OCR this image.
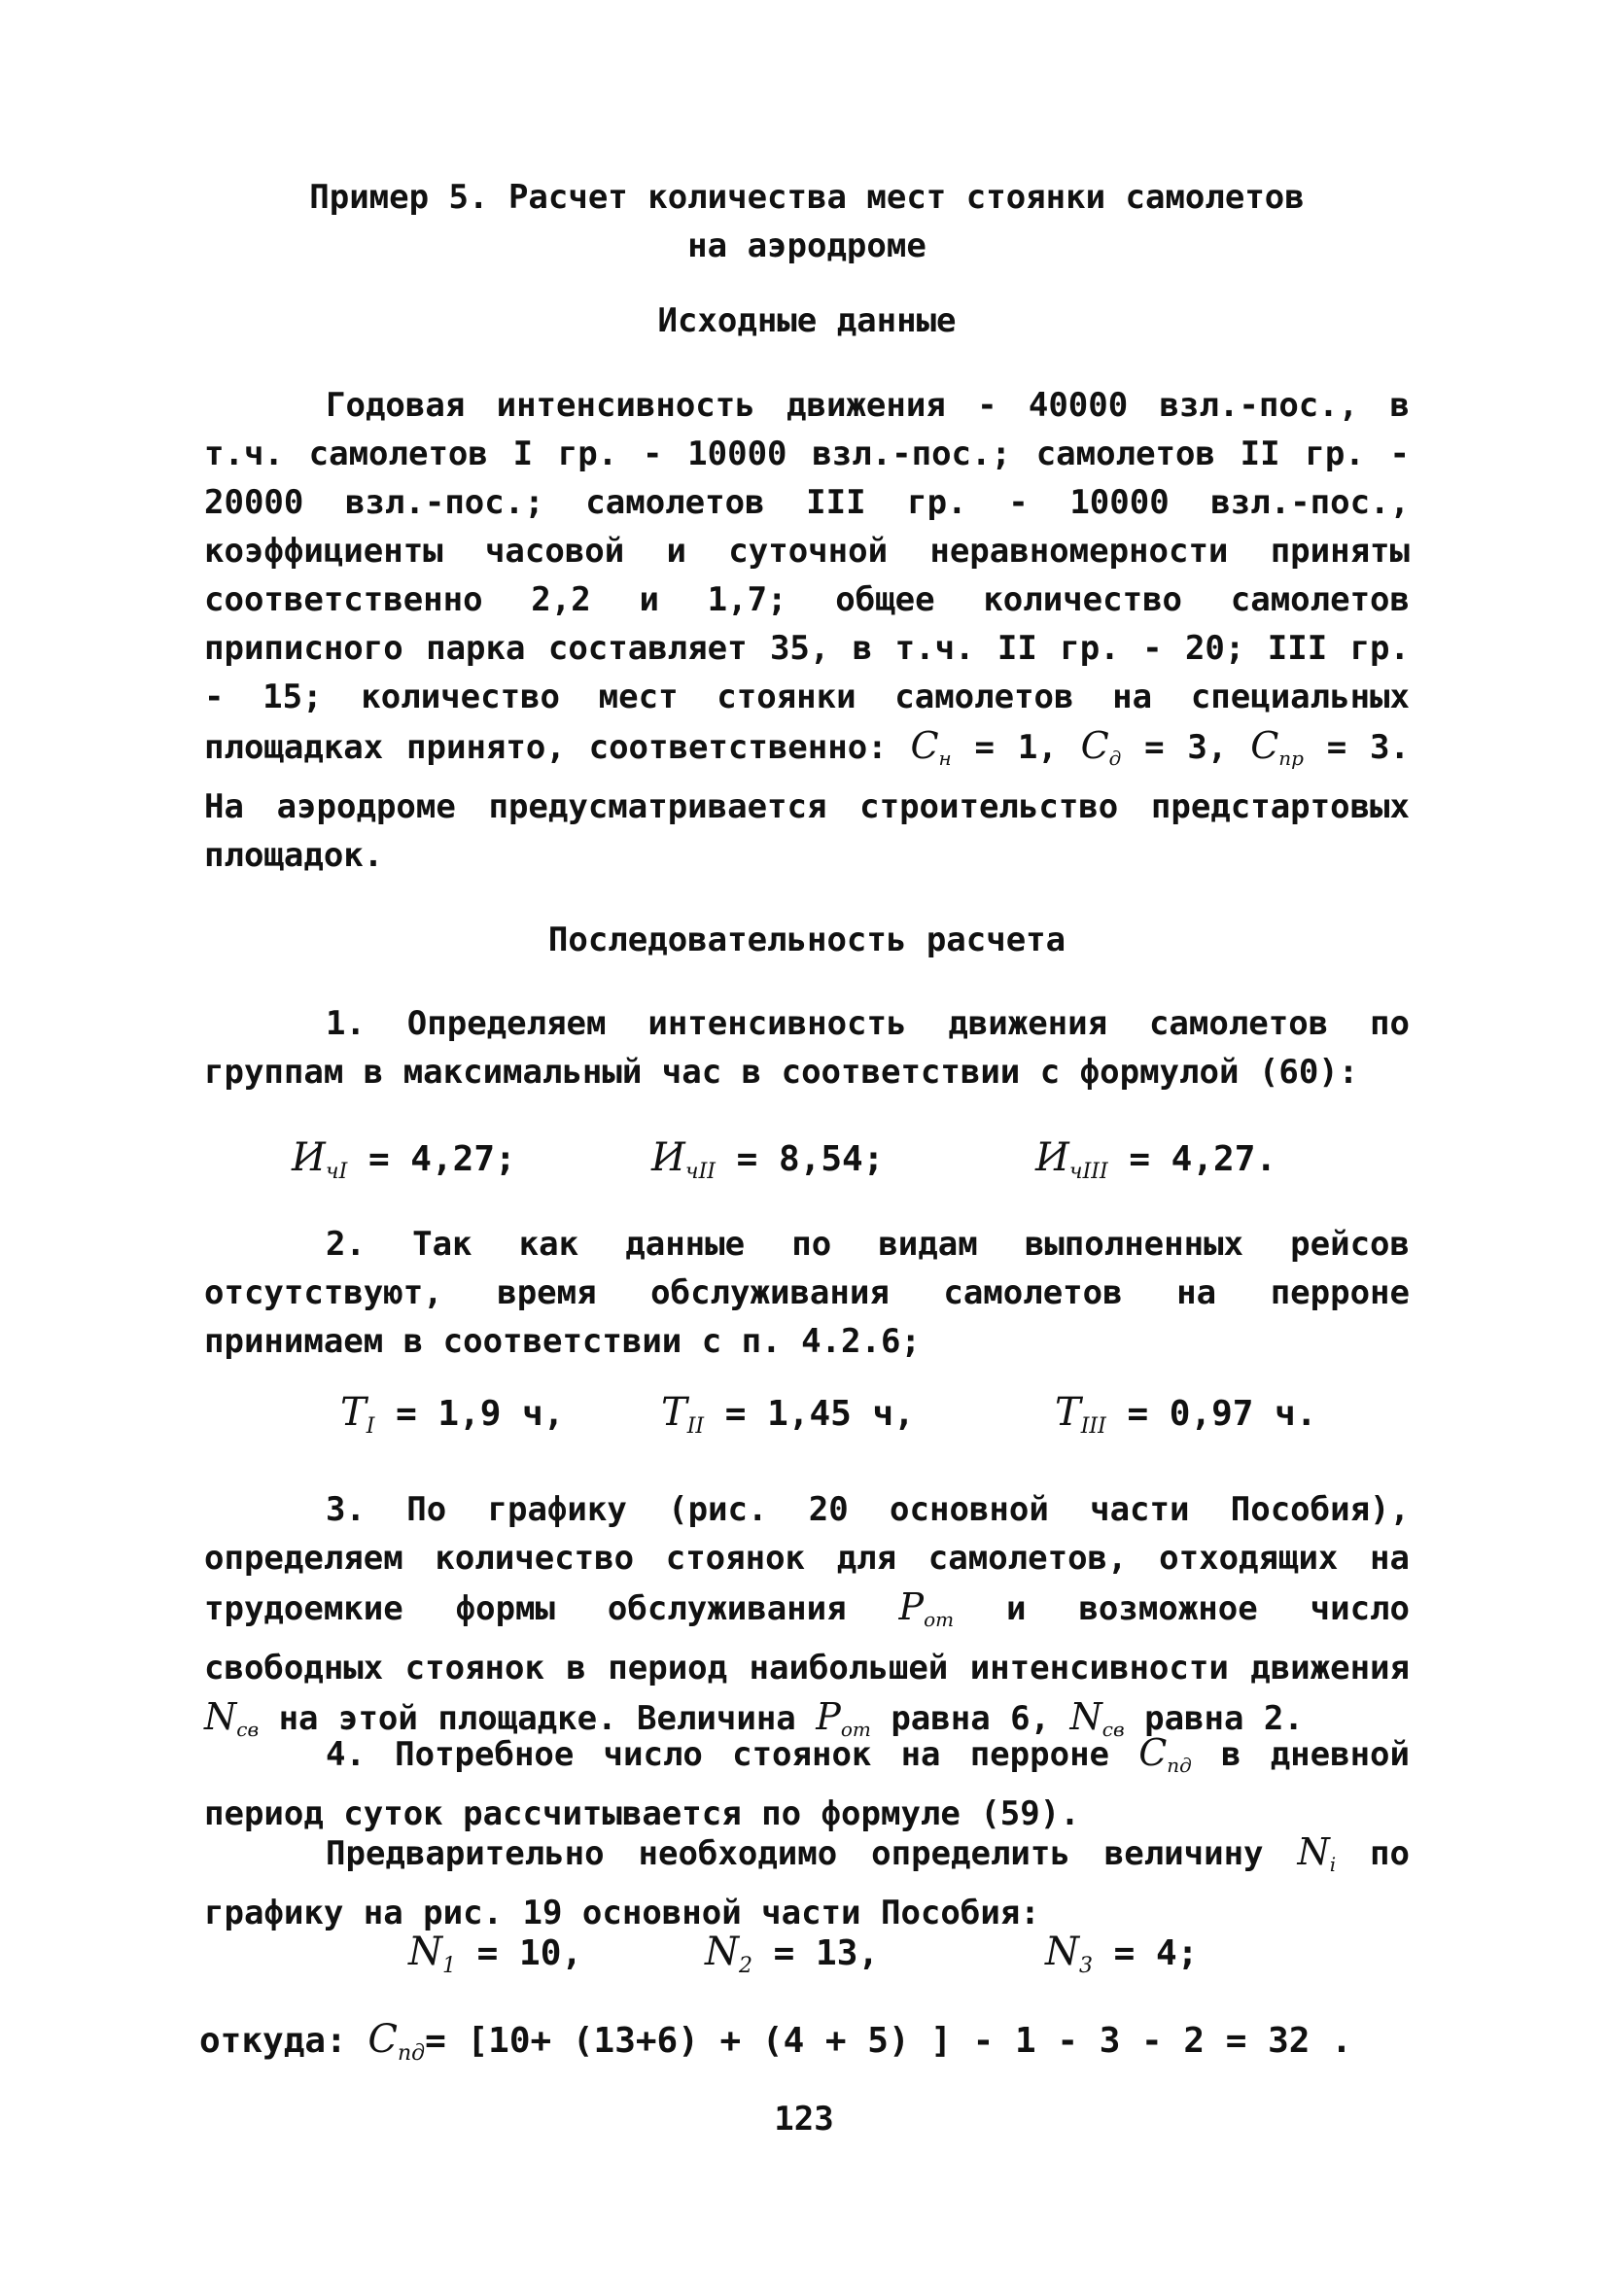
Пример 5. Расчет количества мест стоянки самолетов
на аэродроме
Исходные данные

Годовая интенсивность движения - 40000 взл.-пос., в т.ч. самолетов I гр. - 10000 взл.-пос.; самолетов II гр. - 20000 взл.-пос.; самолетов III гр. - 10000 взл.-пос., коэффициенты часовой и суточной неравномерности приняты соответственно 2,2 и 1,7; общее количество самолетов приписного парка составляет 35, в т.ч. II гр. - 20; III гр. - 15; количество мест стоянки самолетов на специальных площадках принято, соответственно: $C_н = 1$, $C_д = 3$, $C_{пр} = 3$. На аэродроме предусматривается строительство предстартовых площадок.

Последовательность расчета

1. Определяем интенсивность движения самолетов по группам в максимальный час в соответствии с формулой (60):

$И_{чI} = 4,27$;	$И_{чII} = 8,54$;	$И_{чIII} = 4,27$.

2. Так как данные по видам выполненных рейсов отсутствуют, время обслуживания самолетов на перроне принимаем в соответствии с п. 4.2.6;

$T_I = 1,9$ ч, $T_{II} = 1,45$ ч,	$T_{III} = 0,97$ ч.

3. По графику (рис. 20 основной части Пособия), определяем количество стоянок для самолетов, отходящих на трудоемкие формы обслуживания $P_{от}$ и возможное число свободных стоянок в период наибольшей интенсивности движения $N_{св}$ на этой площадке. Величина $P_{от}$ равна 6, $N_{св}$ равна 2.

4. Потребное число стоянок на перроне $C_{пд}$ в дневной период суток рассчитывается по формуле (59).

Предварительно необходимо определить величину $N_i$ по графику на рис. 19 основной части Пособия:

$N_1 = 10$,	$N_2 = 13$,	$N_3 = 4$;
откуда: $C_{пд}= [10+ (13+6) + (4 + 5)$ ] - 1 - 3 - 2 = 32 .
123
